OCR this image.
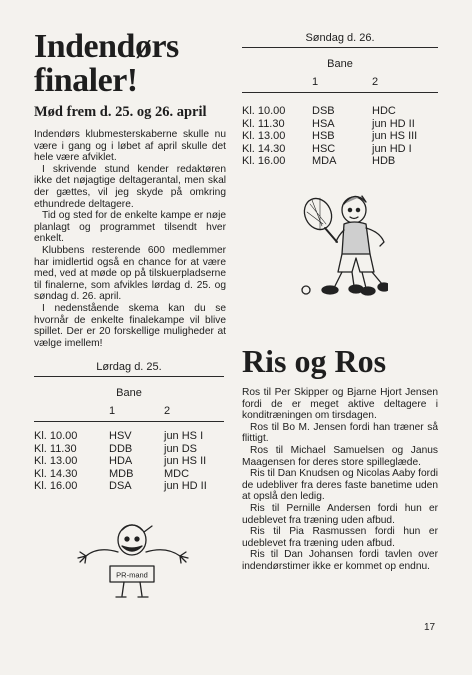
Indendørs
finaler!
Mød frem d. 25. og 26. april

Indendørs klubmesterskaberne skulle nu være i gang og i løbet af april skulle det hele være afviklet.

I skrivende stund kender redaktøren ikke det nøjagtige deltagerantal, men skal der gættes, vil jeg skyde på omkring ethundrede deltagere.

Tid og sted for de enkelte kampe er nøje planlagt og programmet tilsendt hver enkelt.

Klubbens resterende 600 medlemmer har imidlertid også en chance for at være med, ved at møde op på tilskuerpladserne til finalerne, som afvikles lørdag d. 25. og søndag d. 26. april.

I nedenstående skema kan du se hvornår de enkelte finalekampe vil blive spillet. Der er 20 forskellige muligheder at vælge imellem!

Lørdag d. 25.
Bane
1	2
Kl. 10.00	HSV	jun HS I
Kl. 11.30	DDB	jun DS
Kl. 13.00	HDA	jun HS II
Kl. 14.30	MDB	MDC
Kl. 16.00	DSA	jun HD II
PR-mand
Søndag d. 26.
Bane
1	2
Kl. 10.00	DSB	HDC
Kl. 11.30	HSA	jun HD II
Kl. 13.00	HSB	jun HS III
Kl. 14.30	HSC	jun HD I
Kl. 16.00	MDA	HDB
Ris og Ros

Ros til Per Skipper og Bjarne Hjort Jensen fordi de er meget aktive deltagere i konditræningen om tirsdagen.

Ros til Bo M. Jensen fordi han træner så flittigt.

Ros til Michael Samuelsen og Janus Maagensen for deres store spilleglæde.

Ris til Dan Knudsen og Nicolas Aaby fordi de udebliver fra deres faste banetime uden at opslå den ledig.

Ris til Pernille Andersen fordi hun er udeblevet fra træning uden afbud.

Ris til Pia Rasmussen fordi hun er udeblevet fra træning uden afbud.

Ris til Dan Johansen fordi tavlen over indendørstimer ikke er kommet op endnu.

17
